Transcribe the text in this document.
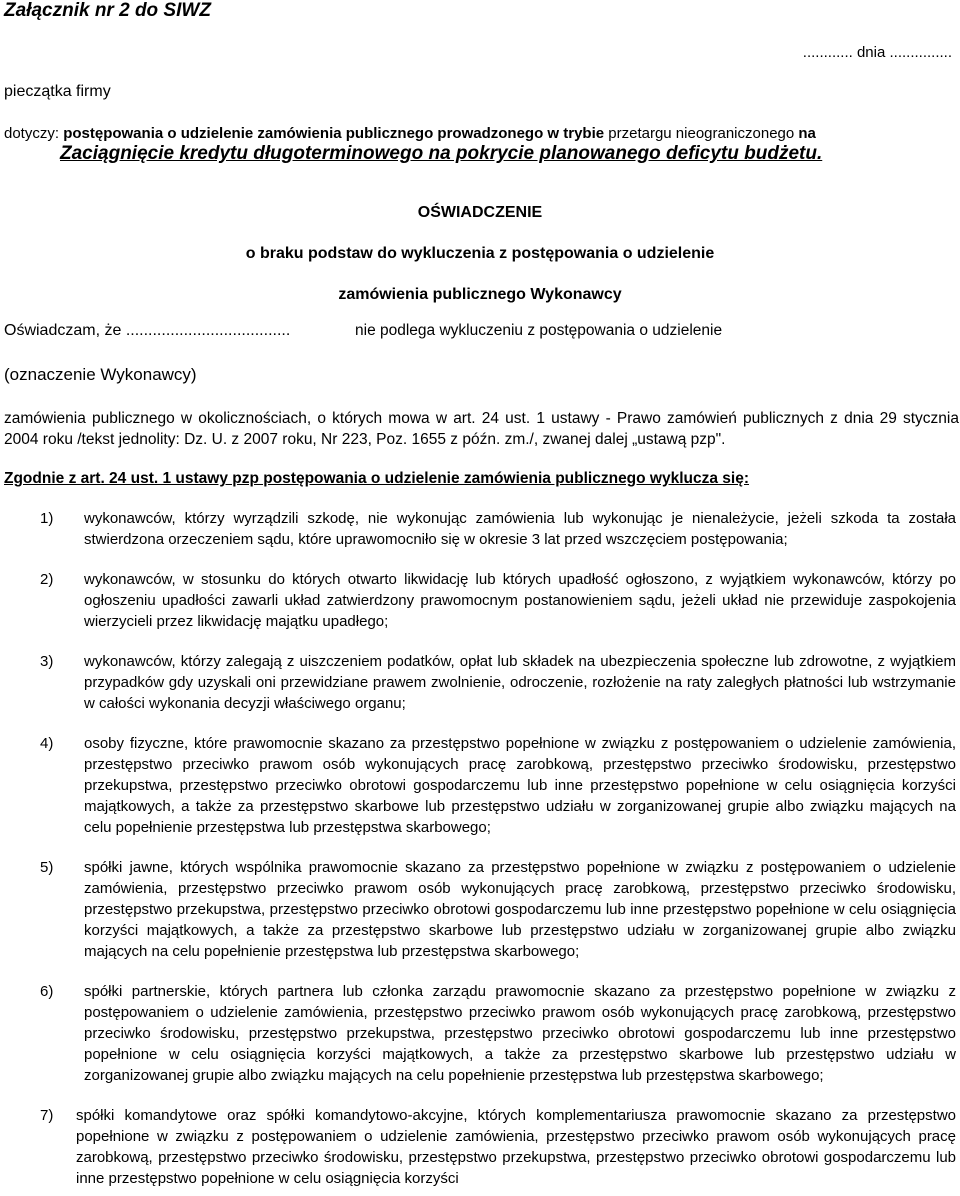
Załącznik nr 2 do SIWZ
............ dnia ...............
pieczątka firmy
dotyczy: postępowania o udzielenie zamówienia publicznego prowadzonego w trybie przetargu nieograniczonego na
Zaciągnięcie kredytu długoterminowego na pokrycie planowanego deficytu budżetu.
OŚWIADCZENIE
o braku podstaw do wykluczenia z postępowania o udzielenie
zamówienia publicznego Wykonawcy
Oświadczam, że .....................................	nie podlega wykluczeniu z postępowania o udzielenie
(oznaczenie Wykonawcy)
zamówienia publicznego w okolicznościach, o których mowa w art. 24 ust. 1 ustawy - Prawo zamówień publicznych z dnia 29 stycznia 2004 roku /tekst jednolity: Dz. U. z 2007 roku, Nr 223, Poz. 1655 z późn. zm./, zwanej dalej „ustawą pzp".
Zgodnie z art. 24 ust. 1 ustawy pzp postępowania o udzielenie zamówienia publicznego wyklucza się:
1) wykonawców, którzy wyrządzili szkodę, nie wykonując zamówienia lub wykonując je nienależycie, jeżeli szkoda ta została stwierdzona orzeczeniem sądu, które uprawomocniło się w okresie 3 lat przed wszczęciem postępowania;
2) wykonawców, w stosunku do których otwarto likwidację lub których upadłość ogłoszono, z wyjątkiem wykonawców, którzy po ogłoszeniu upadłości zawarli układ zatwierdzony prawomocnym postanowieniem sądu, jeżeli układ nie przewiduje zaspokojenia wierzycieli przez likwidację majątku upadłego;
3) wykonawców, którzy zalegają z uiszczeniem podatków, opłat lub składek na ubezpieczenia społeczne lub zdrowotne, z wyjątkiem przypadków gdy uzyskali oni przewidziane prawem zwolnienie, odroczenie, rozłożenie na raty zaległych płatności lub wstrzymanie w całości wykonania decyzji właściwego organu;
4) osoby fizyczne, które prawomocnie skazano za przestępstwo popełnione w związku z postępowaniem o udzielenie zamówienia, przestępstwo przeciwko prawom osób wykonujących pracę zarobkową, przestępstwo przeciwko środowisku, przestępstwo przekupstwa, przestępstwo przeciwko obrotowi gospodarczemu lub inne przestępstwo popełnione w celu osiągnięcia korzyści majątkowych, a także za przestępstwo skarbowe lub przestępstwo udziału w zorganizowanej grupie albo związku mających na celu popełnienie przestępstwa lub przestępstwa skarbowego;
5) spółki jawne, których wspólnika prawomocnie skazano za przestępstwo popełnione w związku z postępowaniem o udzielenie zamówienia, przestępstwo przeciwko prawom osób wykonujących pracę zarobkową, przestępstwo przeciwko środowisku, przestępstwo przekupstwa, przestępstwo przeciwko obrotowi gospodarczemu lub inne przestępstwo popełnione w celu osiągnięcia korzyści majątkowych, a także za przestępstwo skarbowe lub przestępstwo udziału w zorganizowanej grupie albo związku mających na celu popełnienie przestępstwa lub przestępstwa skarbowego;
6) spółki partnerskie, których partnera lub członka zarządu prawomocnie skazano za przestępstwo popełnione w związku z postępowaniem o udzielenie zamówienia, przestępstwo przeciwko prawom osób wykonujących pracę zarobkową, przestępstwo przeciwko środowisku, przestępstwo przekupstwa, przestępstwo przeciwko obrotowi gospodarczemu lub inne przestępstwo popełnione w celu osiągnięcia korzyści majątkowych, a także za przestępstwo skarbowe lub przestępstwo udziału w zorganizowanej grupie albo związku mających na celu popełnienie przestępstwa lub przestępstwa skarbowego;
7) spółki komandytowe oraz spółki komandytowo-akcyjne, których komplementariusza prawomocnie skazano za przestępstwo popełnione w związku z postępowaniem o udzielenie zamówienia, przestępstwo przeciwko prawom osób wykonujących pracę zarobkową, przestępstwo przeciwko środowisku, przestępstwo przekupstwa, przestępstwo przeciwko obrotowi gospodarczemu lub inne przestępstwo popełnione w celu osiągnięcia korzyści
